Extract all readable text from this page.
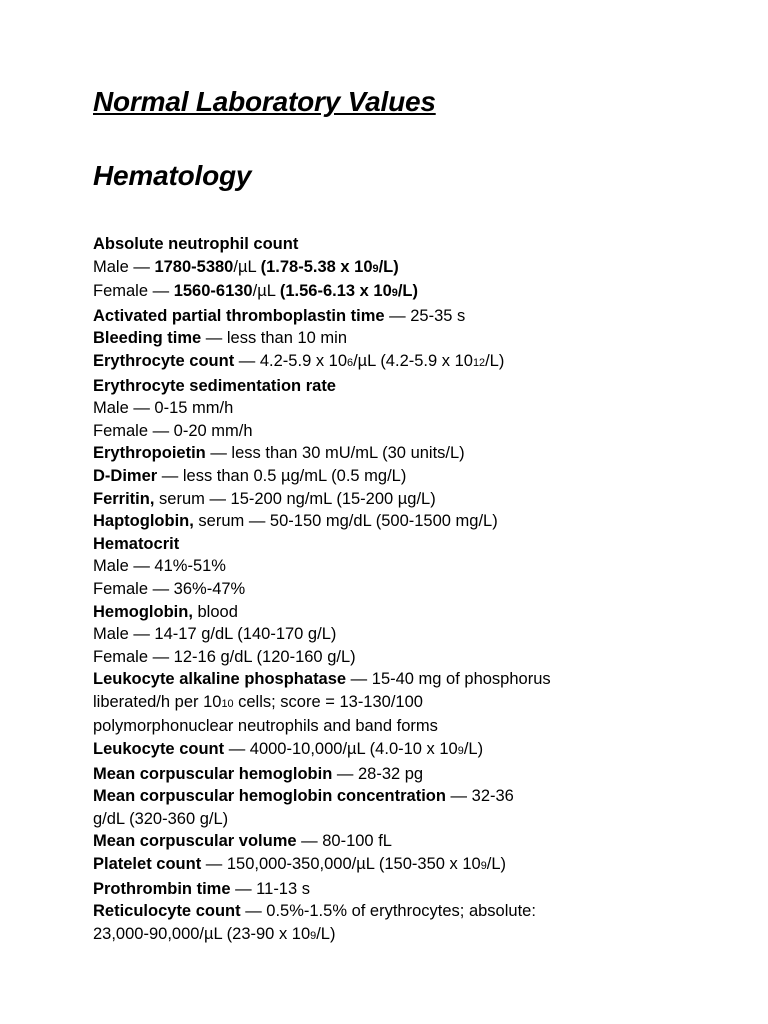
Normal Laboratory Values
Hematology
Absolute neutrophil count
Male — 1780-5380/µL (1.78-5.38 x 109/L)
Female — 1560-6130/µL (1.56-6.13 x 109/L)
Activated partial thromboplastin time — 25-35 s
Bleeding time — less than 10 min
Erythrocyte count — 4.2-5.9 x 106/µL (4.2-5.9 x 1012/L)
Erythrocyte sedimentation rate
Male — 0-15 mm/h
Female — 0-20 mm/h
Erythropoietin — less than 30 mU/mL (30 units/L)
D-Dimer — less than 0.5 µg/mL (0.5 mg/L)
Ferritin, serum — 15-200 ng/mL (15-200 µg/L)
Haptoglobin, serum — 50-150 mg/dL (500-1500 mg/L)
Hematocrit
Male — 41%-51%
Female — 36%-47%
Hemoglobin, blood
Male — 14-17 g/dL (140-170 g/L)
Female — 12-16 g/dL (120-160 g/L)
Leukocyte alkaline phosphatase — 15-40 mg of phosphorus
liberated/h per 1010 cells; score = 13-130/100
polymorphonuclear neutrophils and band forms
Leukocyte count — 4000-10,000/µL (4.0-10 x 109/L)
Mean corpuscular hemoglobin — 28-32 pg
Mean corpuscular hemoglobin concentration — 32-36
g/dL (320-360 g/L)
Mean corpuscular volume — 80-100 fL
Platelet count — 150,000-350,000/µL (150-350 x 109/L)
Prothrombin time — 11-13 s
Reticulocyte count — 0.5%-1.5% of erythrocytes; absolute:
23,000-90,000/µL (23-90 x 109/L)
